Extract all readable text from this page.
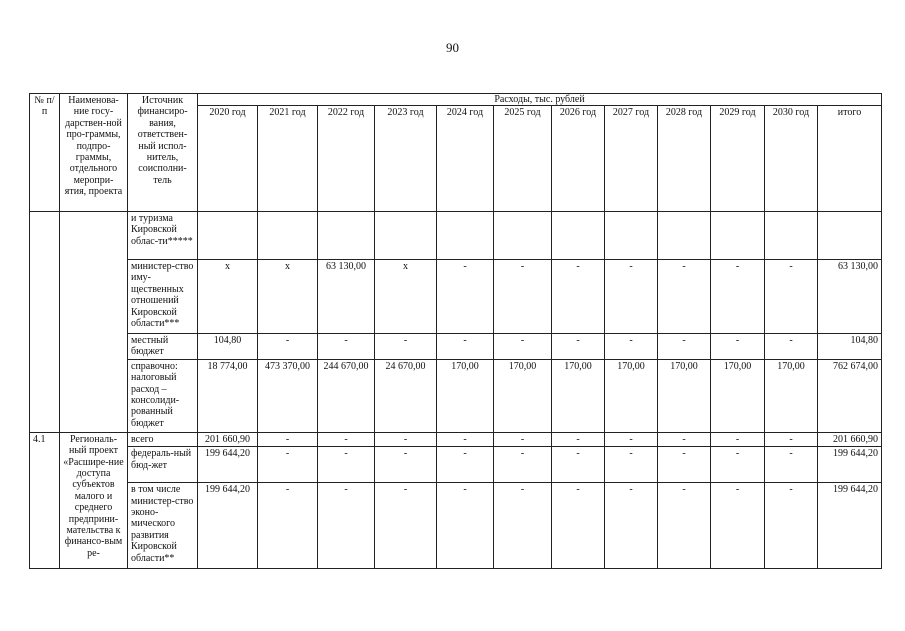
90
№ п/п	Наименова-ние госу-дарствен-ной про-граммы, подпро-граммы, отдельного меропри-ятия, проекта	Источник финансиро-вания, ответствен-ный испол-нитель, соисполни-тель	Расходы, тыс. рублей											
			2020 год	2021 год	2022 год	2023 год	2024 год	2025 год	2026 год	2027 год	2028 год	2029 год	2030 год	итого
		и туризма Кировской облас-ти*****												
		министер-ство иму-щественных отношений Кировской области***	х	х	63 130,00	х	-	-	-	-	-	-	-	63 130,00
		местный бюджет	104,80	-	-	-	-	-	-	-	-	-	-	104,80
		справочно: налоговый расход – консолиди-рованный бюджет	18 774,00	473 370,00	244 670,00	24 670,00	170,00	170,00	170,00	170,00	170,00	170,00	170,00	762 674,00
4.1	Региональ-ный проект «Расшире-ние доступа субъектов малого и среднего предприни-мательства к финансо-вым ре-	всего	201 660,90	-	-	-	-	-	-	-	-	-	-	201 660,90
		федераль-ный бюд-жет	199 644,20	-	-	-	-	-	-	-	-	-	-	199 644,20
		в том числе министер-ство эконо-мического развития Кировской области**	199 644,20	-	-	-	-	-	-	-	-	-	-	199 644,20
